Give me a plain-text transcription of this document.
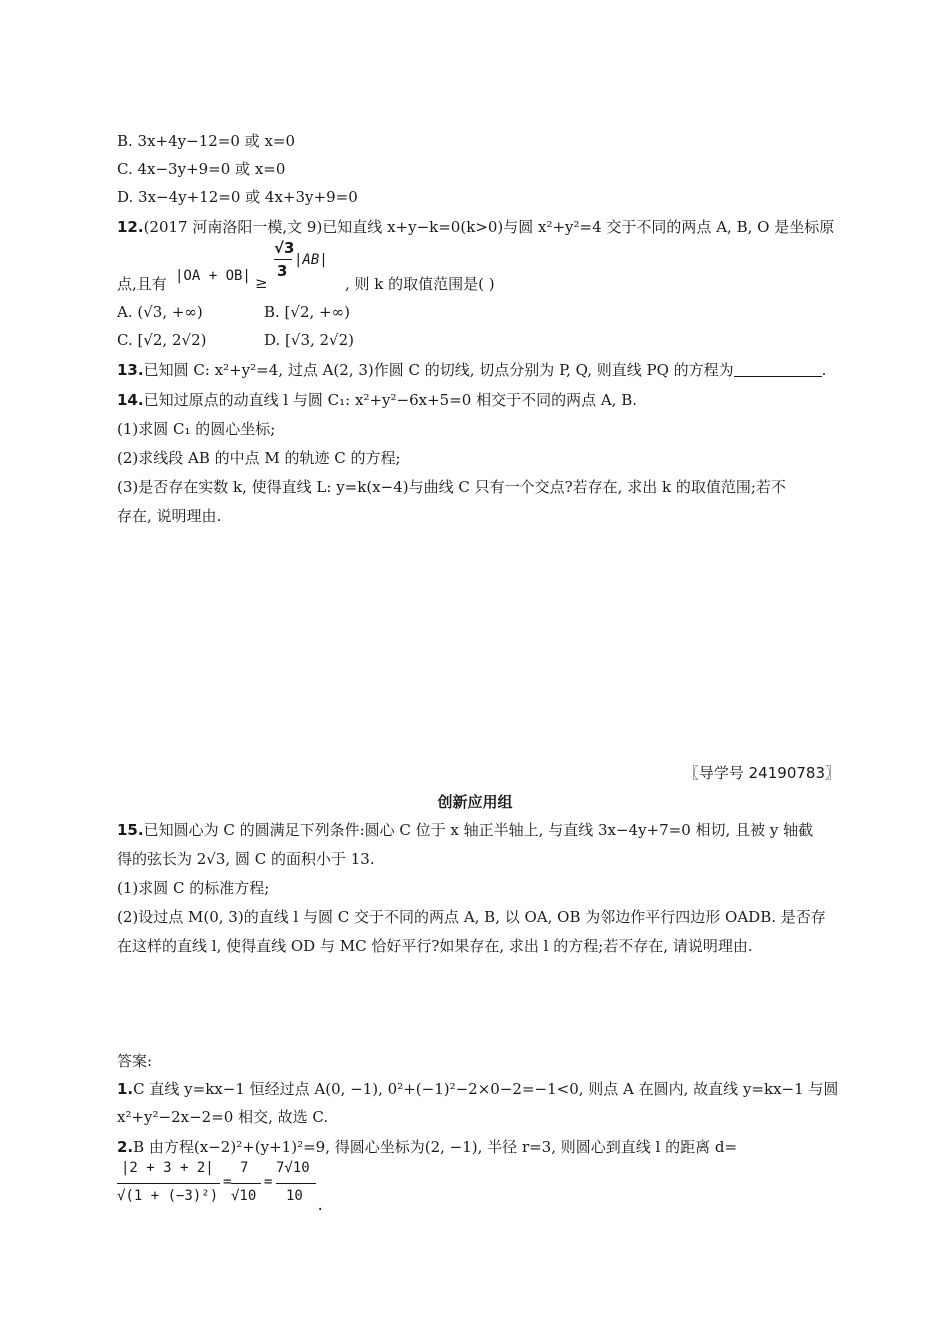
B. 3x+4y−12=0 或 x=0
C. 4x−3y+9=0 或 x=0
D. 3x−4y+12=0 或 4x+3y+9=0
12.(2017 河南洛阳一模,文 9)已知直线 x+y−k=0(k>0)与圆 x²+y²=4 交于不同的两点 A, B, O 是坐标原
点,且有 |OA + OB| ≥
√3
3
|AB|
, 则 k 的取值范围是( )
A. (√3, +∞)	B. [√2, +∞)
C. [√2, 2√2)	D. [√3, 2√2)
13.已知圆 C: x²+y²=4, 过点 A(2, 3)作圆 C 的切线, 切点分别为 P, Q, 则直线 PQ 的方程为	.
14.已知过原点的动直线 l 与圆 C₁: x²+y²−6x+5=0 相交于不同的两点 A, B.
(1)求圆 C₁ 的圆心坐标;
(2)求线段 AB 的中点 M 的轨迹 C 的方程;
(3)是否存在实数 k, 使得直线 L: y=k(x−4)与曲线 C 只有一个交点?若存在, 求出 k 的取值范围;若不
存在, 说明理由.
〖导学号 24190783〗
创新应用组
15.已知圆心为 C 的圆满足下列条件:圆心 C 位于 x 轴正半轴上, 与直线 3x−4y+7=0 相切, 且被 y 轴截
得的弦长为 2√3, 圆 C 的面积小于 13.
(1)求圆 C 的标准方程;
(2)设过点 M(0, 3)的直线 l 与圆 C 交于不同的两点 A, B, 以 OA, OB 为邻边作平行四边形 OADB. 是否存
在这样的直线 l, 使得直线 OD 与 MC 恰好平行?如果存在, 求出 l 的方程;若不存在, 请说明理由.
答案:
1.C 直线 y=kx−1 恒经过点 A(0, −1), 0²+(−1)²−2×0−2=−1<0, 则点 A 在圆内, 故直线 y=kx−1 与圆
x²+y²−2x−2=0 相交, 故选 C.
2.B 由方程(x−2)²+(y+1)²=9, 得圆心坐标为(2, −1), 半径 r=3, 则圆心到直线 l 的距离 d=
|2 + 3 + 2|
√(1 + (−3)²)
=
7
√10
=
7√10
10
.
